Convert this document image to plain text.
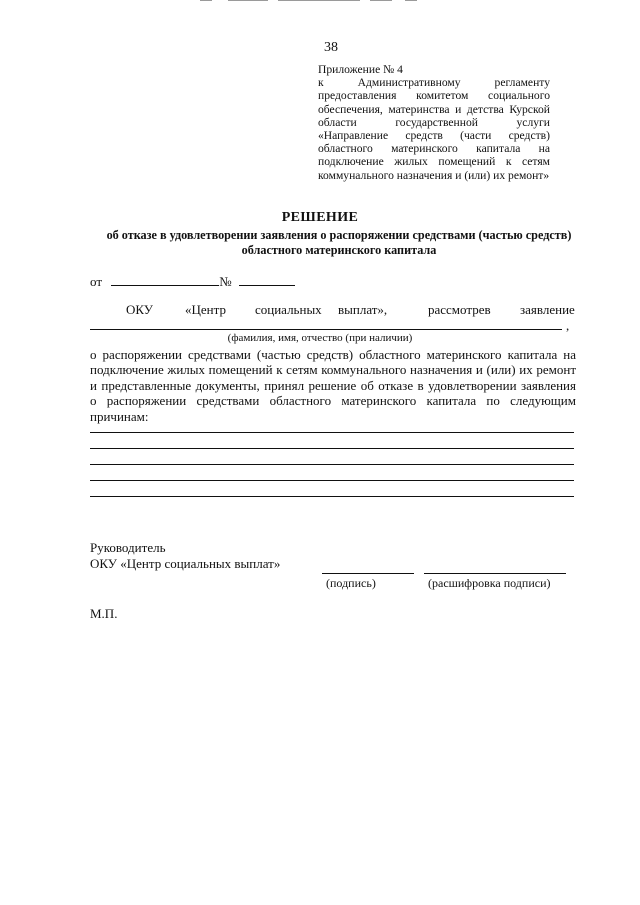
38
Приложение № 4
к Административному регламенту предоставления комитетом социального обеспечения, материнства и детства Курской области государственной услуги «Направление средств (части средств) областного материнского капитала на подключение жилых помещений к сетям коммунального назначения и (или) их ремонт»
РЕШЕНИЕ
об отказе в удовлетворении заявления о распоряжении средствами (частью средств) областного материнского капитала
от	№
ОКУ «Центр социальных выплат»,	рассмотрев заявление
,
(фамилия, имя, отчество (при наличии)
о распоряжении средствами (частью средств) областного материнского капитала на
подключение жилых помещений к сетям коммунального назначения и (или) их ремонт
и представленные документы, принял решение об отказе в удовлетворении заявления
о распоряжении средствами областного материнского капитала по следующим
причинам:
Руководитель
ОКУ «Центр социальных выплат»
(подпись)	(расшифровка подписи)
М.П.
